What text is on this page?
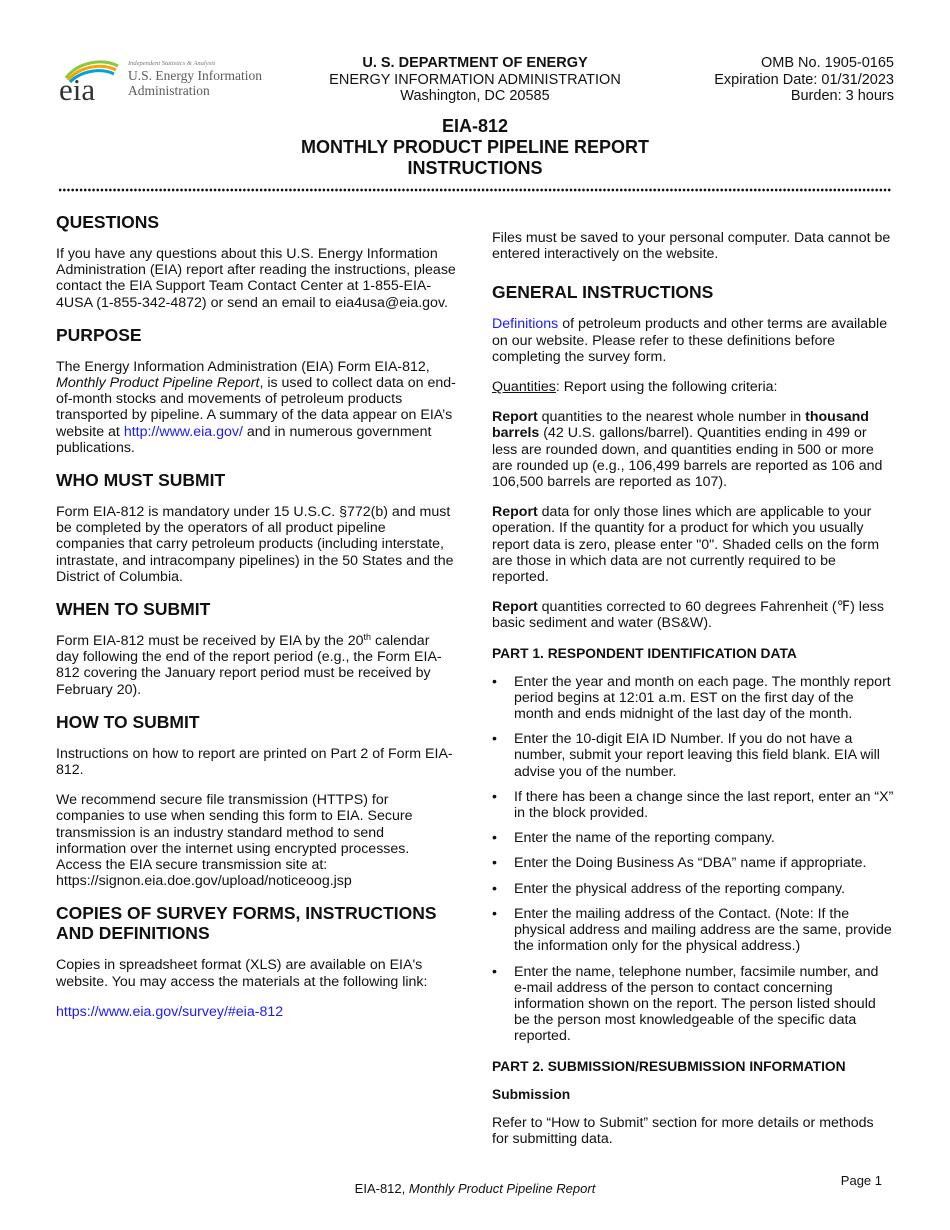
eia
Independent Statistics & Analysis
U.S. Energy Information
Administration
U. S. DEPARTMENT OF ENERGY
ENERGY INFORMATION ADMINISTRATION
Washington, DC 20585
OMB No. 1905-0165
Expiration Date: 01/31/2023
Burden: 3 hours
EIA-812
MONTHLY PRODUCT PIPELINE REPORT
INSTRUCTIONS
QUESTIONS

If you have any questions about this U.S. Energy Information Administration (EIA) report after reading the instructions, please contact the EIA Support Team Contact Center at 1-855-EIA-4USA (1-855-342-4872) or send an email to eia4usa@eia.gov.

PURPOSE

The Energy Information Administration (EIA) Form EIA-812, Monthly Product Pipeline Report, is used to collect data on end-of-month stocks and movements of petroleum products transported by pipeline. A summary of the data appear on EIA’s website at http://www.eia.gov/ and in numerous government publications.

WHO MUST SUBMIT

Form EIA-812 is mandatory under 15 U.S.C. §772(b) and must be completed by the operators of all product pipeline companies that carry petroleum products (including interstate, intrastate, and intracompany pipelines) in the 50 States and the District of Columbia.

WHEN TO SUBMIT

Form EIA-812 must be received by EIA by the 20th calendar day following the end of the report period (e.g., the Form EIA-812 covering the January report period must be received by February 20).

HOW TO SUBMIT

Instructions on how to report are printed on Part 2 of Form EIA-812.

We recommend secure file transmission (HTTPS) for companies to use when sending this form to EIA. Secure transmission is an industry standard method to send information over the internet using encrypted processes. Access the EIA secure transmission site at: https://signon.eia.doe.gov/upload/noticeoog.jsp

COPIES OF SURVEY FORMS, INSTRUCTIONS AND DEFINITIONS

Copies in spreadsheet format (XLS) are available on EIA's website. You may access the materials at the following link:

https://www.eia.gov/survey/#eia-812

Files must be saved to your personal computer. Data cannot be entered interactively on the website.

GENERAL INSTRUCTIONS

Definitions of petroleum products and other terms are available on our website. Please refer to these definitions before completing the survey form.

Quantities: Report using the following criteria:

Report quantities to the nearest whole number in thousand barrels (42 U.S. gallons/barrel). Quantities ending in 499 or less are rounded down, and quantities ending in 500 or more are rounded up (e.g., 106,499 barrels are reported as 106 and 106,500 barrels are reported as 107).

Report data for only those lines which are applicable to your operation. If the quantity for a product for which you usually report data is zero, please enter "0". Shaded cells on the form are those in which data are not currently required to be reported.

Report quantities corrected to 60 degrees Fahrenheit (℉) less basic sediment and water (BS&W).

PART 1. RESPONDENT IDENTIFICATION DATA
• Enter the year and month on each page. The monthly report period begins at 12:01 a.m. EST on the first day of the month and ends midnight of the last day of the month.
• Enter the 10-digit EIA ID Number. If you do not have a number, submit your report leaving this field blank. EIA will advise you of the number.
• If there has been a change since the last report, enter an “X” in the block provided.
• Enter the name of the reporting company.
• Enter the Doing Business As “DBA” name if appropriate.
• Enter the physical address of the reporting company.
• Enter the mailing address of the Contact. (Note: If the physical address and mailing address are the same, provide the information only for the physical address.)
• Enter the name, telephone number, facsimile number, and e-mail address of the person to contact concerning information shown on the report. The person listed should be the person most knowledgeable of the specific data reported.
PART 2. SUBMISSION/RESUBMISSION INFORMATION
Submission

Refer to “How to Submit” section for more details or methods for submitting data.

EIA-812, Monthly Product Pipeline Report
Page 1
